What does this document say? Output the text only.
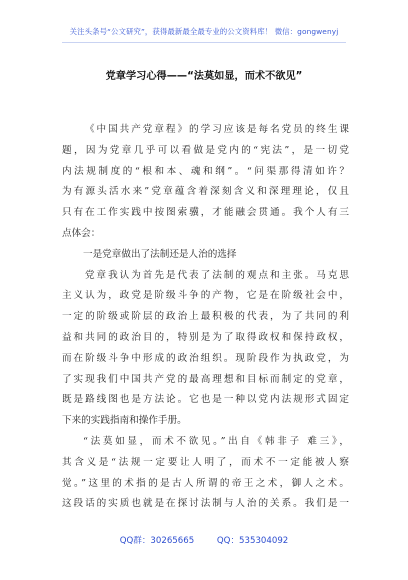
关注头条号“公文研究”，获得最新最全最专业的公文资料库！ 微信：gongwenyj
党章学习心得——“法莫如显，而术不欲见”
《中国共产党章程》的学习应该是每名党员的终生课
题，因为党章几乎可以看做是党内的“宪法”，是一切党
内法规制度的“根和本、魂和纲”。“问渠那得清如许？
为有源头活水来”党章蕴含着深刻含义和深理理论，仅且
只有在工作实践中按图索骥，才能融会贯通。我个人有三
点体会：
一是党章做出了法制还是人治的选择
党章我认为首先是代表了法制的观点和主张。马克思
主义认为，政党是阶级斗争的产物，它是在阶级社会中，
一定的阶级或阶层的政治上最积极的代表，为了共同的利
益和共同的政治目的，特别是为了取得政权和保持政权，
而在阶级斗争中形成的政治组织。现阶段作为执政党，为
了实现我们中国共产党的最高理想和目标而制定的党章，
既是路线图也是方法论。它也是一种以党内法规形式固定
下来的实践指南和操作手册。
“法莫如显，而术不欲见。”出自《韩非子 难三》，
其含义是“法规一定要让人明了，而术不一定能被人察
觉。”这里的术指的是古人所谓的帝王之术，御人之术。
这段话的实质也就是在探讨法制与人治的关系。我们是一
QQ群：30265665	QQ：535304092
